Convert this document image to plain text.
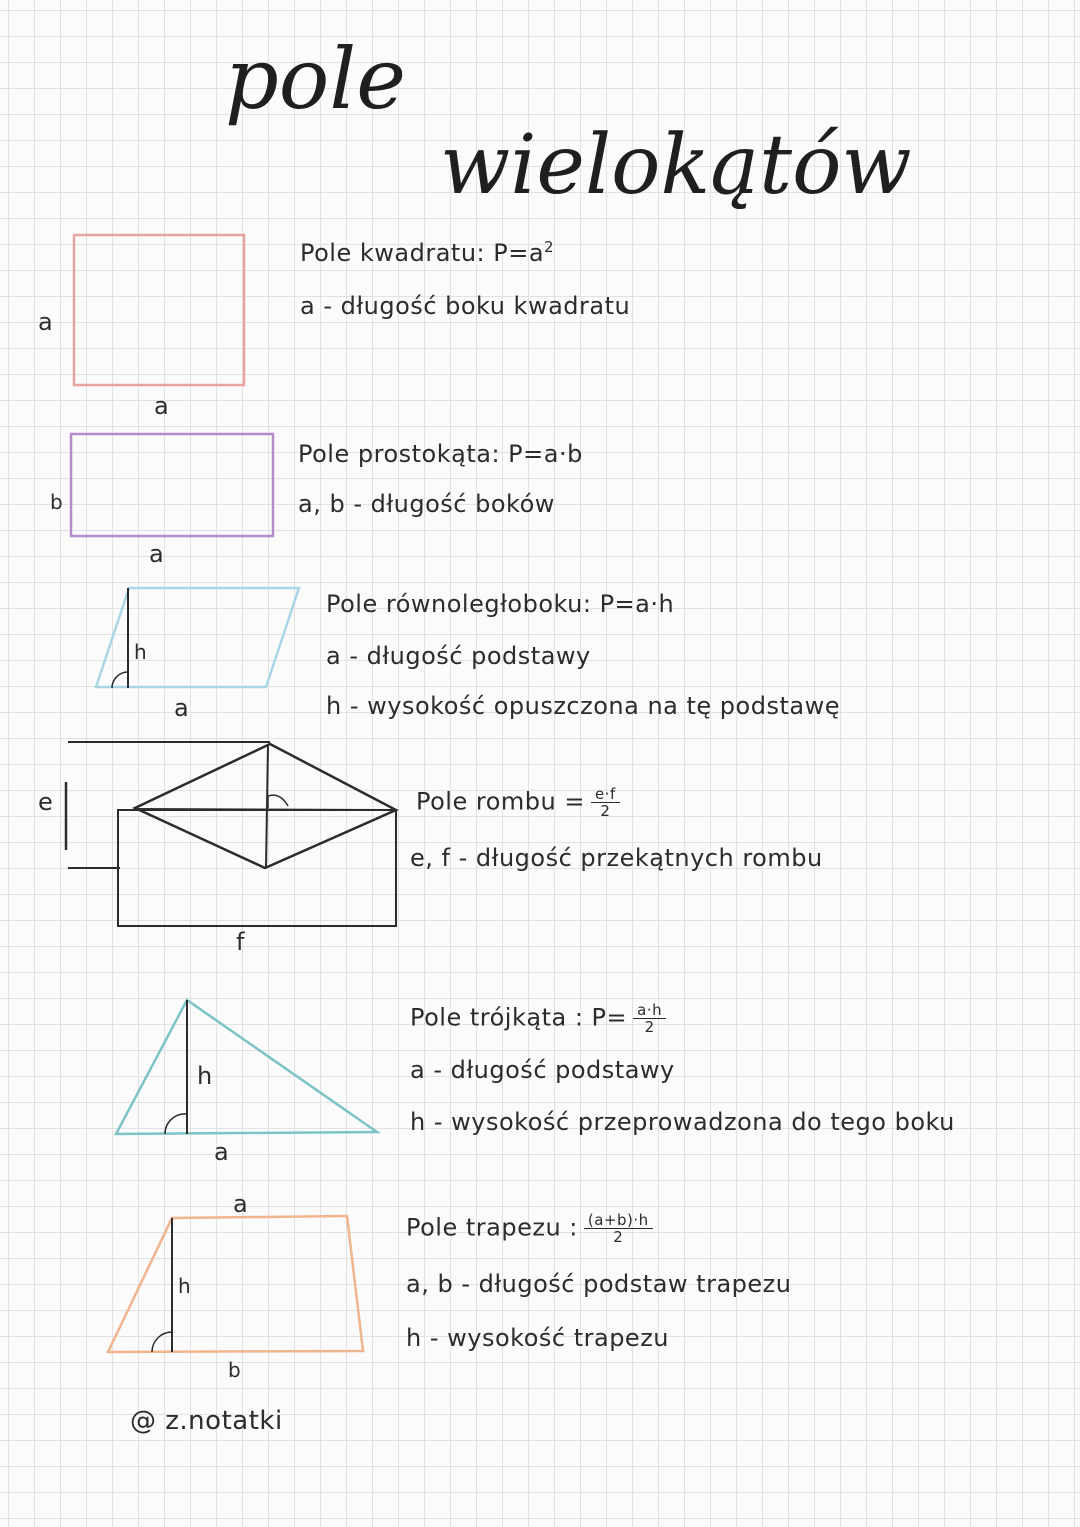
pole
wielokątów
a
a
Pole kwadratu: $P=a^2$
a - długość boku kwadratu
b
a
Pole prostokąta: P=a·b
a, b - długość boków
h
a
Pole równoległoboku: P=a·h
a - długość podstawy
h - wysokość opuszczona na tę podstawę
e
f
Pole rombu = $\frac{e\cdot f}{2}$
e, f - długość przekątnych rombu
h
a
Pole trójkąta : $P= \frac{a\cdot h}{2}$
a - długość podstawy
h - wysokość przeprowadzona do tego boku
a
h
b
Pole trapezu : $\frac{(a+b)\cdot h}{2}$
a, b - długość podstaw trapezu
h - wysokość trapezu
@ z.notatki
